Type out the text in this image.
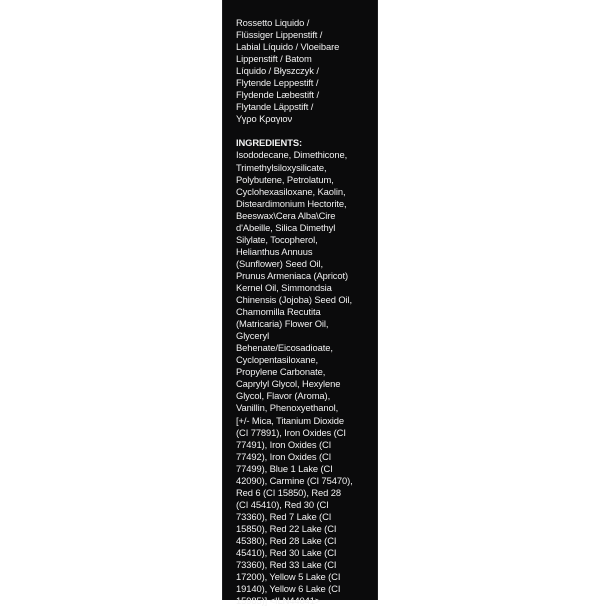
Rossetto Liquido /
Flüssiger Lippenstift /
Labial Líquido / Vloeibare
Lippenstift / Batom
Líquido / Błyszczyk /
Flytende Leppestift /
Flydende Læbestift /
Flytande Läppstift /
Υγρο Κραγιον
INGREDIENTS:
Isododecane, Dimethicone,
Trimethylsiloxysilicate,
Polybutene, Petrolatum,
Cyclohexasiloxane, Kaolin,
Disteardimonium Hectorite,
Beeswax\Cera Alba\Cire
d'Abeille, Silica Dimethyl
Silylate, Tocopherol,
Helianthus Annuus
(Sunflower) Seed Oil,
Prunus Armeniaca (Apricot)
Kernel Oil, Simmondsia
Chinensis (Jojoba) Seed Oil,
Chamomilla Recutita
(Matricaria) Flower Oil,
Glyceryl
Behenate/Eicosadioate,
Cyclopentasiloxane,
Propylene Carbonate,
Caprylyl Glycol, Hexylene
Glycol, Flavor (Aroma),
Vanillin, Phenoxyethanol,
[+/- Mica, Titanium Dioxide
(CI 77891), Iron Oxides (CI
77491), Iron Oxides (CI
77492), Iron Oxides (CI
77499), Blue 1 Lake (CI
42090), Carmine (CI 75470),
Red 6 (CI 15850), Red 28
(CI 45410), Red 30 (CI
73360), Red 7 Lake (CI
15850), Red 22 Lake (CI
45380), Red 28 Lake (CI
45410), Red 30 Lake (CI
73360), Red 33 Lake (CI
17200), Yellow 5 Lake (CI
19140), Yellow 6 Lake (CI
15985)] <ILN44041>
